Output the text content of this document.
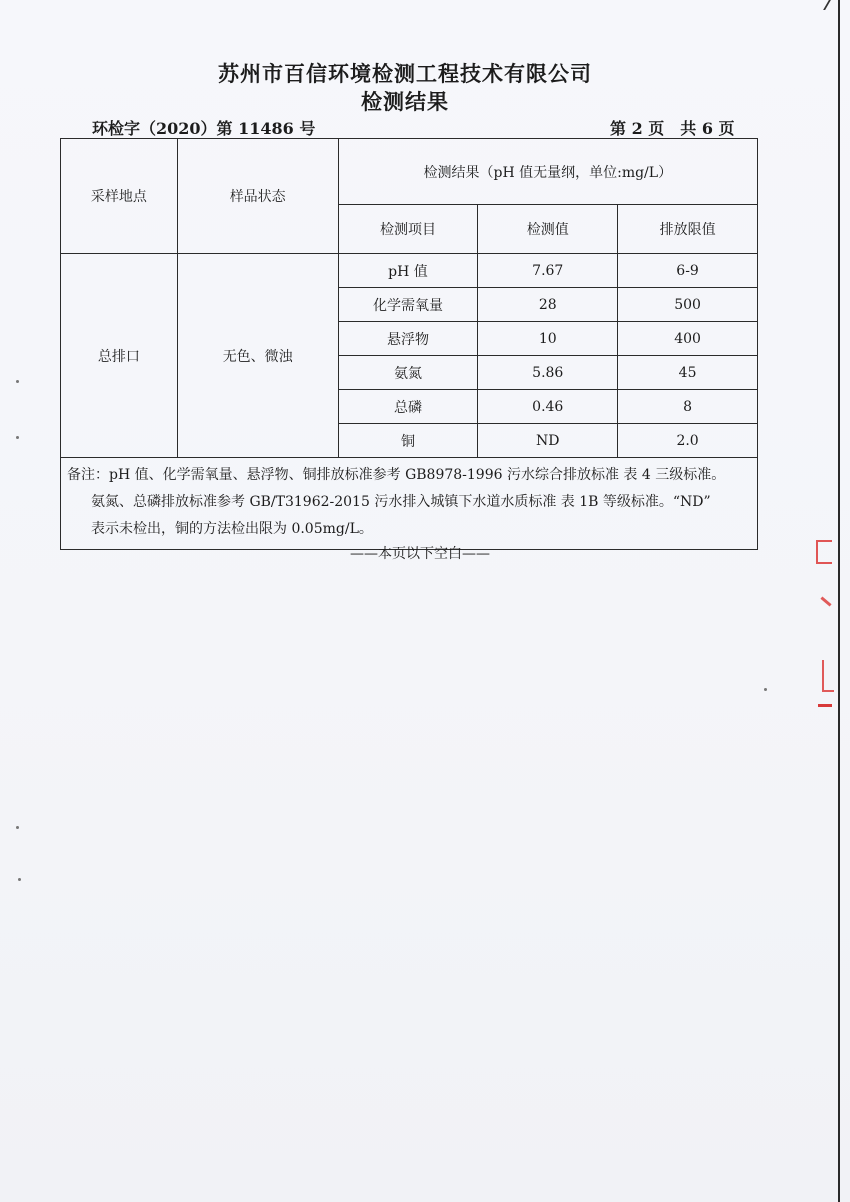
苏州市百信环境检测工程技术有限公司
检测结果
环检字（2020）第 11486 号	第 2 页 共 6 页
采样地点	样品状态	检测结果（pH 值无量纲，单位:mg/L）		
		检测项目	检测值	排放限值
总排口	无色、微浊	pH 值	7.67	6-9
		化学需氧量	28	500
		悬浮物	10	400
		氨氮	5.86	45
		总磷	0.46	8
		铜	ND	2.0

备注：pH 值、化学需氧量、悬浮物、铜排放标准参考 GB8978-1996 污水综合排放标准 表 4 三级标准。
氨氮、总磷排放标准参考 GB/T31962-2015 污水排入城镇下水道水质标准 表 1B 等级标准。“ND”
表示未检出，铜的方法检出限为 0.05mg/L。				
——本页以下空白——
